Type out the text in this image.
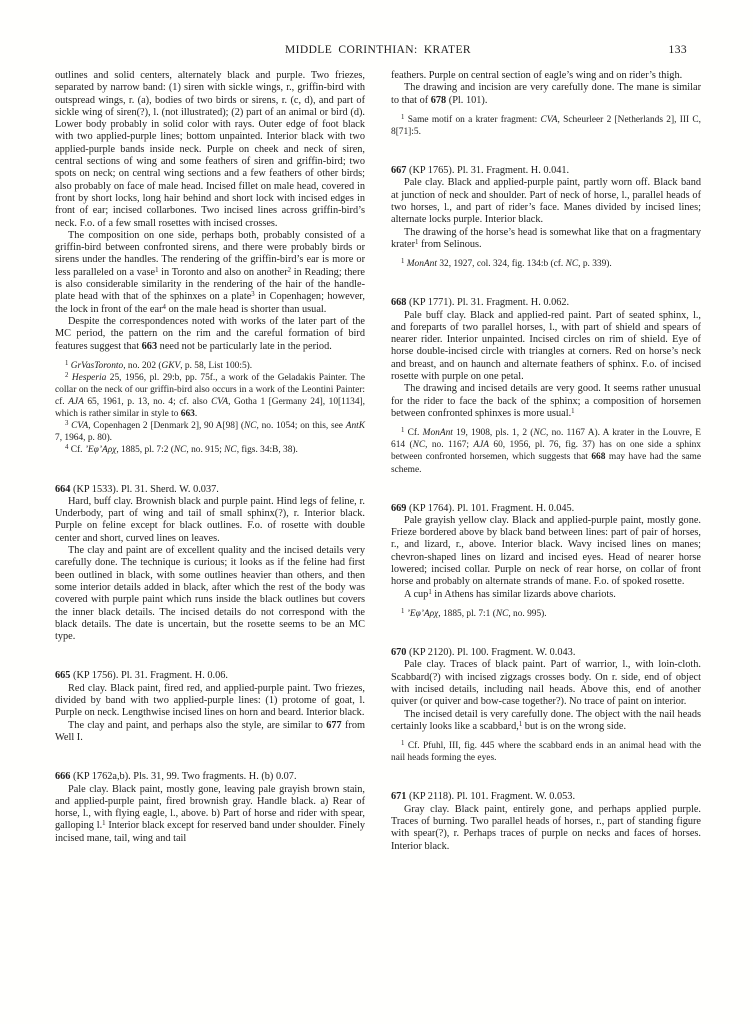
MIDDLE CORINTHIAN: KRATER	133
outlines and solid centers, alternately black and purple. Two friezes, separated by narrow band: (1) siren with sickle wings, r., griffin-bird with outspread wings, r. (a), bodies of two birds or sirens, r. (c, d), and part of sickle wing of siren(?), l. (not illustrated); (2) part of an animal or bird (d). Lower body probably in solid color with rays. Outer edge of foot black with two applied-purple lines; bottom unpainted. Interior black with two applied-purple bands inside neck. Purple on cheek and neck of siren, central sections of wing and some feathers of siren and griffin-bird; two spots on neck; on central wing sections and a few feathers of other birds; also probably on face of male head. Incised fillet on male head, covered in front by short locks, long hair behind and short lock with incised edges in front of ear; incised collarbones. Two incised lines across griffin-bird’s neck. F.o. of a few small rosettes with incised crosses.
The composition on one side, perhaps both, probably consisted of a griffin-bird between confronted sirens, and there were probably birds or sirens under the handles. The rendering of the griffin-bird’s ear is more or less paralleled on a vase$^1$ in Toronto and also on another$^2$ in Reading; there is also considerable similarity in the rendering of the hair of the handle-plate head with that of the sphinxes on a plate$^3$ in Copenhagen; however, the lock in front of the ear$^4$ on the male head is shorter than usual.
Despite the correspondences noted with works of the later part of the MC period, the pattern on the rim and the careful formation of bird features suggest that 663 need not be particularly late in the period.
$^1$ GrVasToronto, no. 202 (GKV, p. 58, List 100:5).
$^2$ Hesperia 25, 1956, pl. 29:b, pp. 75f., a work of the Geladakis Painter. The collar on the neck of our griffin-bird also occurs in a work of the Leontini Painter: cf. AJA 65, 1961, p. 13, no. 4; cf. also CVA, Gotha 1 [Germany 24], 10[1134], which is rather similar in style to 663.
$^3$ CVA, Copenhagen 2 [Denmark 2], 90 A[98] (NC, no. 1054; on this, see AntK 7, 1964, p. 80).
$^4$ Cf. ’Εφ’Αρχ, 1885, pl. 7:2 (NC, no. 915; NC, figs. 34:B, 38).
664 (KP 1533). Pl. 31. Sherd. W. 0.037.
Hard, buff clay. Brownish black and purple paint. Hind legs of feline, r. Underbody, part of wing and tail of small sphinx(?), r. Interior black. Purple on feline except for black outlines. F.o. of rosette with double center and short, curved lines on leaves.
The clay and paint are of excellent quality and the incised details very carefully done. The technique is curious; it looks as if the feline had first been outlined in black, with some outlines heavier than others, and then some interior details added in black, after which the rest of the body was covered with purple paint which runs inside the black outlines but covers the inner black details. The incised details do not correspond with the black details. The date is uncertain, but the rosette seems to be an MC type.
665 (KP 1756). Pl. 31. Fragment. H. 0.06.
Red clay. Black paint, fired red, and applied-purple paint. Two friezes, divided by band with two applied-purple lines: (1) protome of goat, l. Purple on neck. Lengthwise incised lines on horn and beard. Interior black.
The clay and paint, and perhaps also the style, are similar to 677 from Well I.
666 (KP 1762a,b). Pls. 31, 99. Two fragments. H. (b) 0.07.
Pale clay. Black paint, mostly gone, leaving pale grayish brown stain, and applied-purple paint, fired brownish gray. Handle black. a) Rear of horse, l., with flying eagle, l., above. b) Part of horse and rider with spear, galloping l.$^1$ Interior black except for reserved band under shoulder. Finely incised mane, tail, wing and tail
feathers. Purple on central section of eagle’s wing and on rider’s thigh.
The drawing and incision are very carefully done. The mane is similar to that of 678 (Pl. 101).
$^1$ Same motif on a krater fragment: CVA, Scheurleer 2 [Netherlands 2], III C, 8[71]:5.
667 (KP 1765). Pl. 31. Fragment. H. 0.041.
Pale clay. Black and applied-purple paint, partly worn off. Black band at junction of neck and shoulder. Part of neck of horse, l., parallel heads of two horses, l., and part of rider’s face. Manes divided by incised lines; alternate locks purple. Interior black.
The drawing of the horse’s head is somewhat like that on a fragmentary krater$^1$ from Selinous.
$^1$ MonAnt 32, 1927, col. 324, fig. 134:b (cf. NC, p. 339).
668 (KP 1771). Pl. 31. Fragment. H. 0.062.
Pale buff clay. Black and applied-red paint. Part of seated sphinx, l., and foreparts of two parallel horses, l., with part of shield and spears of nearer rider. Interior unpainted. Incised circles on rim of shield. Eye of horse double-incised circle with triangles at corners. Red on horse’s neck and breast, and on haunch and alternate feathers of sphinx. F.o. of incised rosette with purple on one petal.
The drawing and incised details are very good. It seems rather unusual for the rider to face the back of the sphinx; a composition of horsemen between confronted sphinxes is more usual.$^1$
$^1$ Cf. MonAnt 19, 1908, pls. 1, 2 (NC, no. 1167 A). A krater in the Louvre, E 614 (NC, no. 1167; AJA 60, 1956, pl. 76, fig. 37) has on one side a sphinx between confronted horsemen, which suggests that 668 may have had the same scheme.
669 (KP 1764). Pl. 101. Fragment. H. 0.045.
Pale grayish yellow clay. Black and applied-purple paint, mostly gone. Frieze bordered above by black band between lines: part of pair of horses, r., and lizard, r., above. Interior black. Wavy incised lines on manes; chevron-shaped lines on lizard and incised eyes. Head of nearer horse lowered; incised collar. Purple on neck of rear horse, on collar of front horse and probably on alternate strands of mane. F.o. of spoked rosette.
A cup$^1$ in Athens has similar lizards above chariots.
$^1$ ’Εφ’Αρχ, 1885, pl. 7:1 (NC, no. 995).
670 (KP 2120). Pl. 100. Fragment. W. 0.043.
Pale clay. Traces of black paint. Part of warrior, l., with loin-cloth. Scabbard(?) with incised zigzags crosses body. On r. side, end of object with incised details, including nail heads. Above this, end of another quiver (or quiver and bow-case together?). No trace of paint on interior.
The incised detail is very carefully done. The object with the nail heads certainly looks like a scabbard,$^1$ but is on the wrong side.
$^1$ Cf. Pfuhl, III, fig. 445 where the scabbard ends in an animal head with the nail heads forming the eyes.
671 (KP 2118). Pl. 101. Fragment. W. 0.053.
Gray clay. Black paint, entirely gone, and perhaps applied purple. Traces of burning. Two parallel heads of horses, r., part of standing figure with spear(?), r. Perhaps traces of purple on necks and faces of horses. Interior black.
